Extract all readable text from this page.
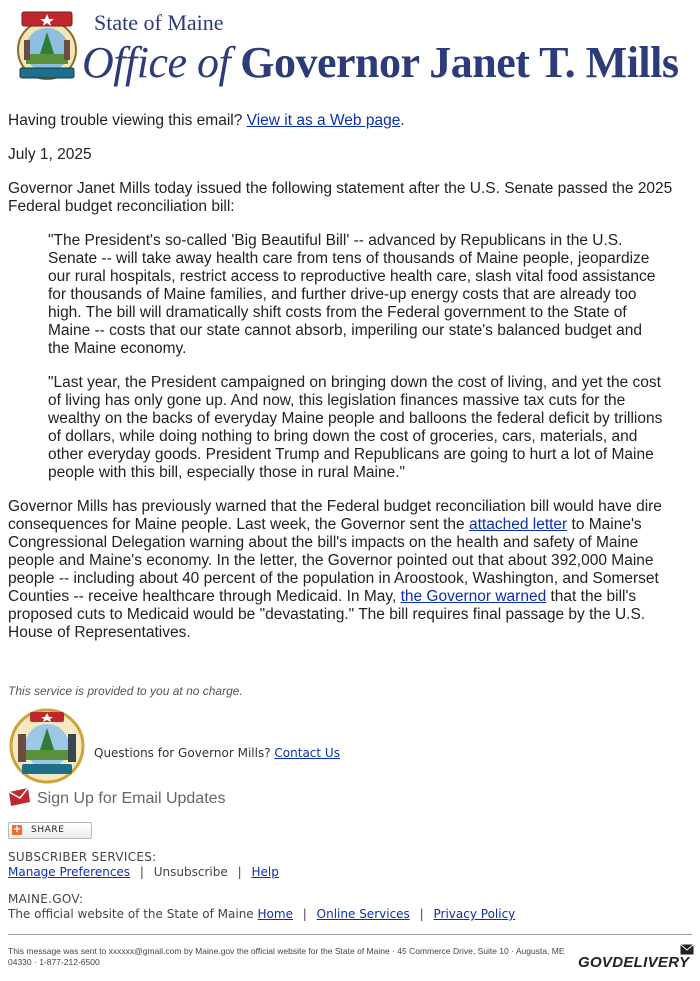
State of Maine
Office of Governor Janet T. Mills

Having trouble viewing this email? View it as a Web page.

July 1, 2025

Governor Janet Mills today issued the following statement after the U.S. Senate passed the 2025 Federal budget reconciliation bill:

"The President's so-called 'Big Beautiful Bill' -- advanced by Republicans in the U.S. Senate -- will take away health care from tens of thousands of Maine people, jeopardize our rural hospitals, restrict access to reproductive health care, slash vital food assistance for thousands of Maine families, and further drive-up energy costs that are already too high. The bill will dramatically shift costs from the Federal government to the State of Maine -- costs that our state cannot absorb, imperiling our state's balanced budget and the Maine economy.

"Last year, the President campaigned on bringing down the cost of living, and yet the cost of living has only gone up. And now, this legislation finances massive tax cuts for the wealthy on the backs of everyday Maine people and balloons the federal deficit by trillions of dollars, while doing nothing to bring down the cost of groceries, cars, materials, and other everyday goods. President Trump and Republicans are going to hurt a lot of Maine people with this bill, especially those in rural Maine."

Governor Mills has previously warned that the Federal budget reconciliation bill would have dire consequences for Maine people. Last week, the Governor sent the attached letter to Maine's Congressional Delegation warning about the bill's impacts on the health and safety of Maine people and Maine's economy. In the letter, the Governor pointed out that about 392,000 Maine people -- including about 40 percent of the population in Aroostook, Washington, and Somerset Counties -- receive healthcare through Medicaid. In May, the Governor warned that the bill's proposed cuts to Medicaid would be "devastating." The bill requires final passage by the U.S. House of Representatives.

This service is provided to you at no charge.
Questions for Governor Mills? Contact Us
Sign Up for Email Updates
+ SHARE
SUBSCRIBER SERVICES:
Manage Preferences | Unsubscribe | Help
MAINE.GOV:
The official website of the State of Maine Home | Online Services | Privacy Policy
This message was sent to xxxxxx@gmail.com by Maine.gov the official website for the State of Maine · 45 Commerce Drive, Suite 10 · Augusta, ME 04330 · 1-877-212-6500	GOVDELIVERY
